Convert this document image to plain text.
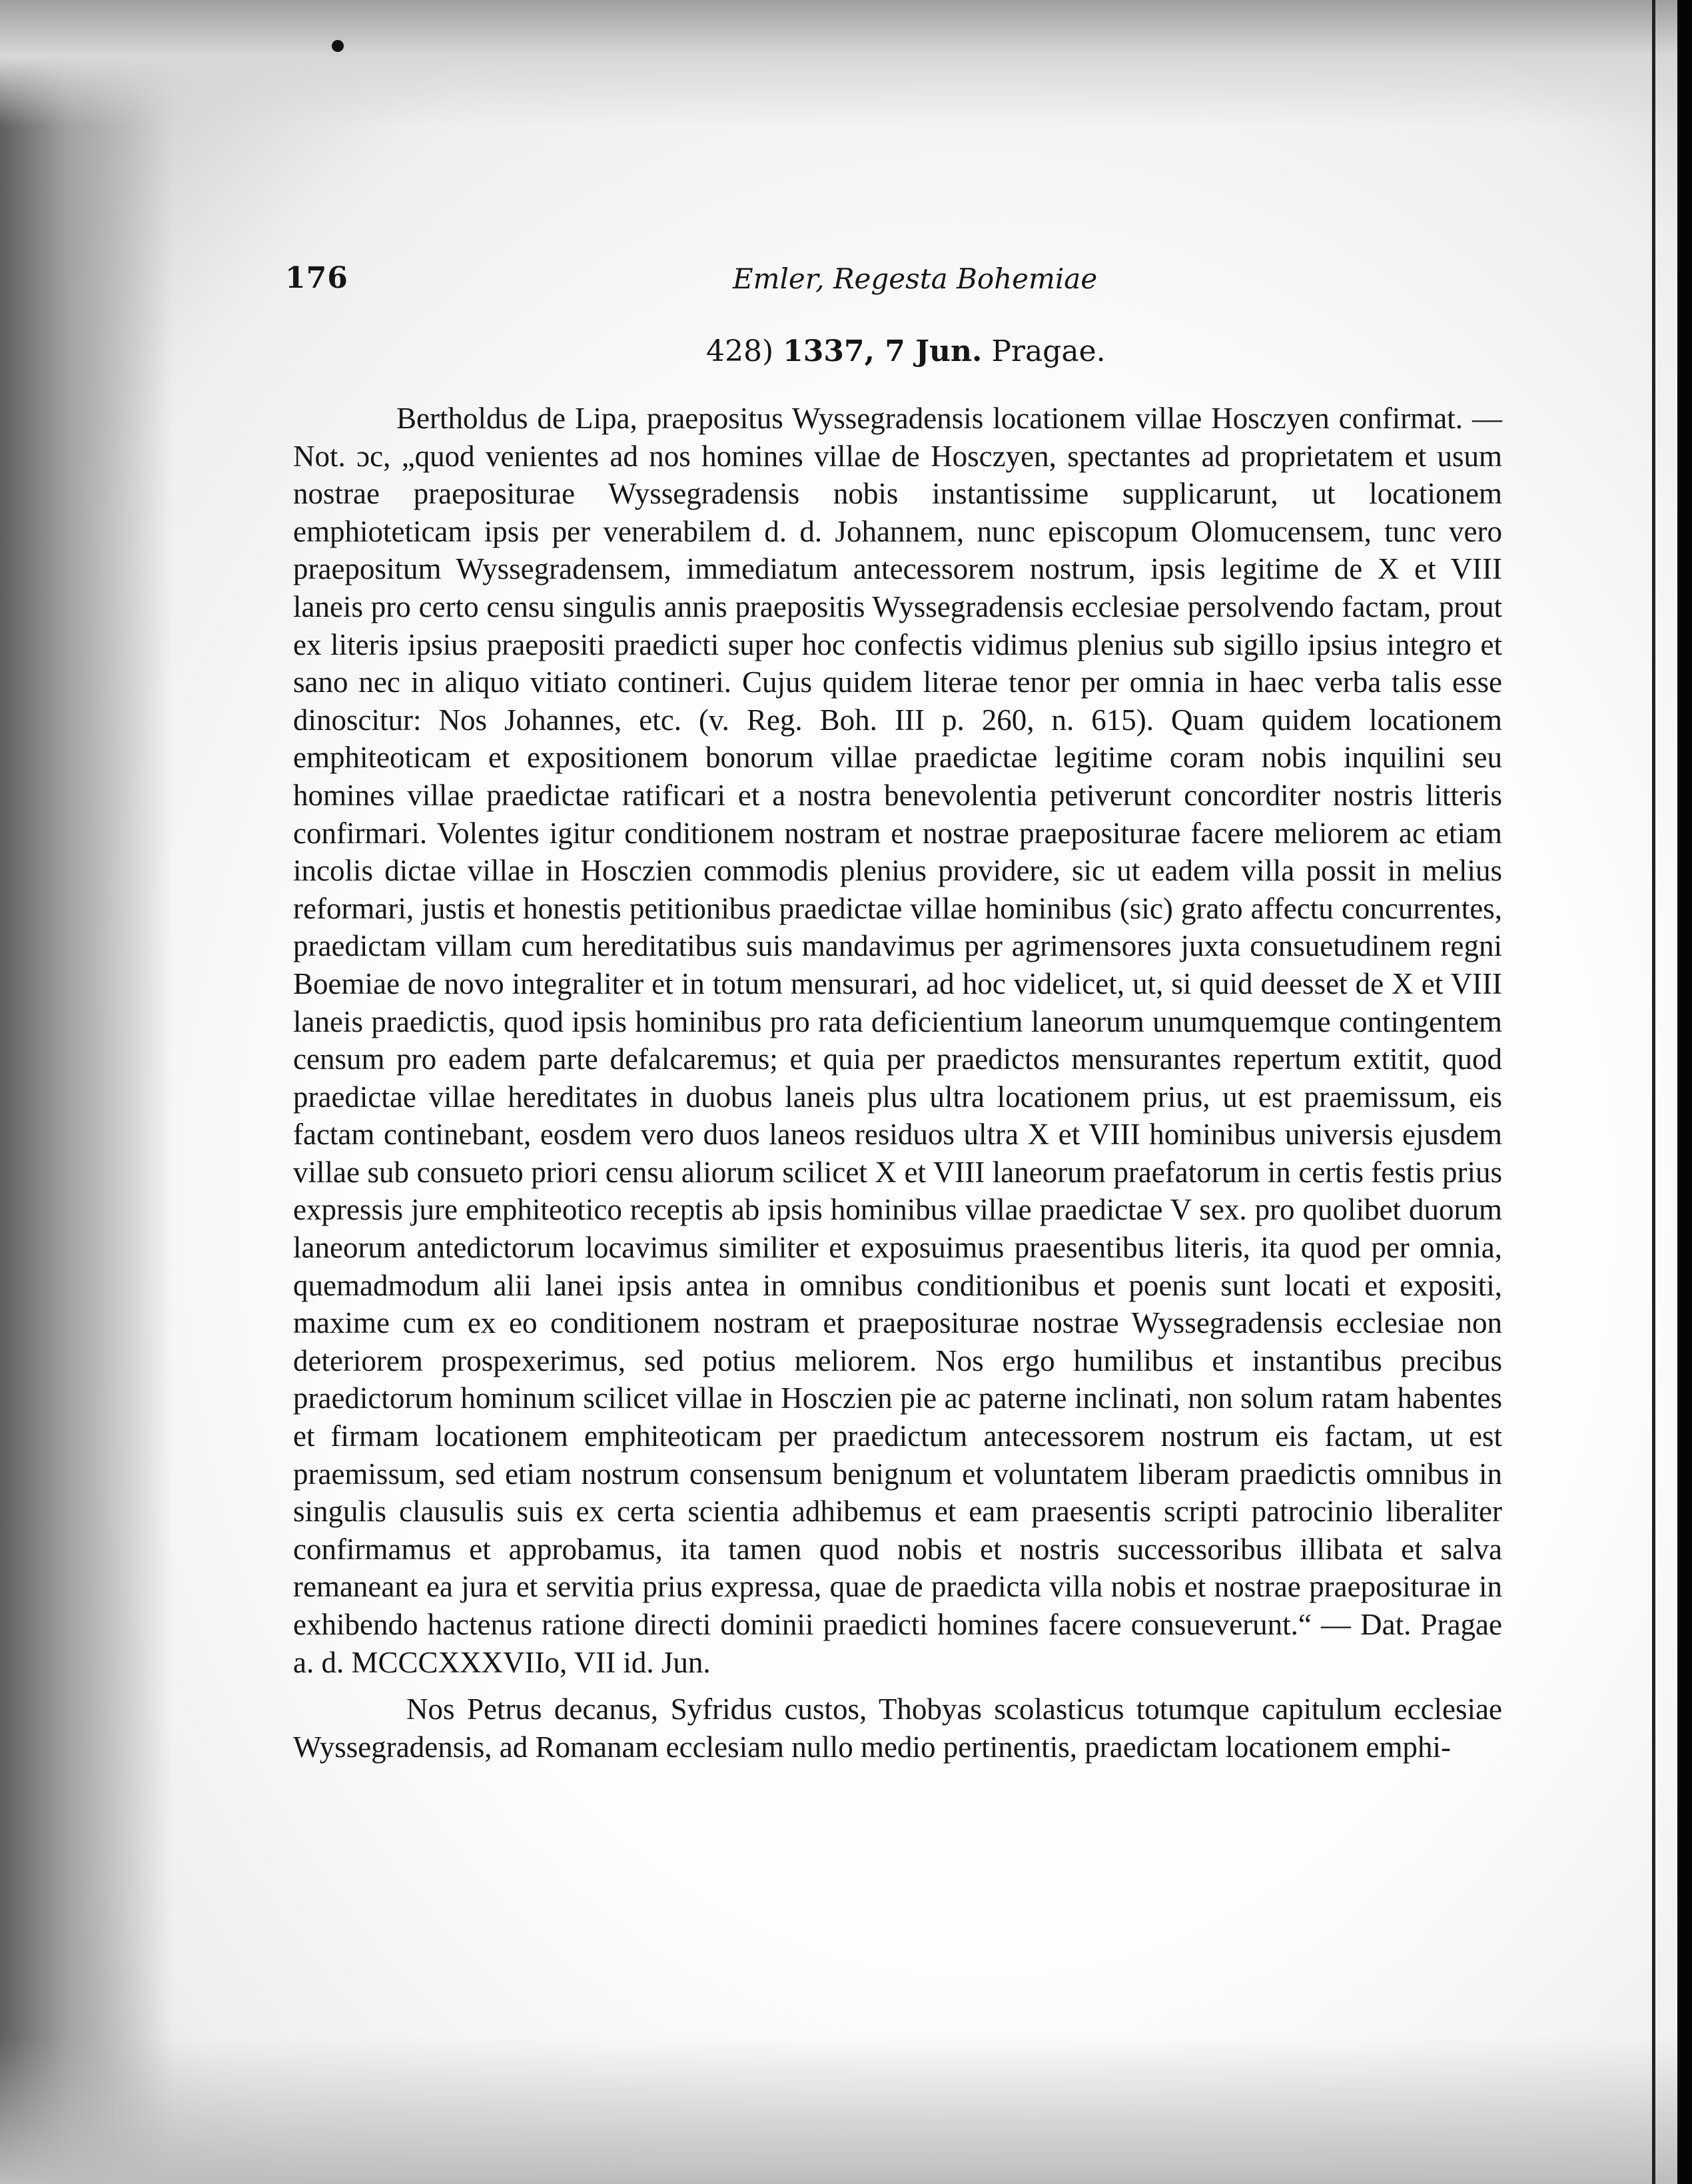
176	Emler, Regesta Bohemiae
428) 1337, 7 Jun. Pragae.

Bertholdus de Lipa, praepositus Wyssegradensis locationem villae Hosczyen confirmat. — Not. ɔc, „quod venientes ad nos homines villae de Hosczyen, spectantes ad proprietatem et usum nostrae praepositurae Wyssegradensis nobis instantissime supplicarunt, ut locationem emphioteticam ipsis per venerabilem d. d. Johannem, nunc episcopum Olomucensem, tunc vero praepositum Wyssegradensem, immediatum antecessorem nostrum, ipsis legitime de X et VIII laneis pro certo censu singulis annis praepositis Wyssegradensis ecclesiae persolvendo factam, prout ex literis ipsius praepositi praedicti super hoc confectis vidimus plenius sub sigillo ipsius integro et sano nec in aliquo vitiato contineri. Cujus quidem literae tenor per omnia in haec verba talis esse dinoscitur: Nos Johannes, etc. (v. Reg. Boh. III p. 260, n. 615). Quam quidem locationem emphiteoticam et expositionem bonorum villae praedictae legitime coram nobis inquilini seu homines villae praedictae ratificari et a nostra benevolentia petiverunt concorditer nostris litteris confirmari. Volentes igitur conditionem nostram et nostrae praepositurae facere meliorem ac etiam incolis dictae villae in Hosczien commodis plenius providere, sic ut eadem villa possit in melius reformari, justis et honestis petitionibus praedictae villae hominibus (sic) grato affectu concurrentes, praedictam villam cum hereditatibus suis mandavimus per agrimensores juxta consuetudinem regni Boemiae de novo integraliter et in totum mensurari, ad hoc videlicet, ut, si quid deesset de X et VIII laneis praedictis, quod ipsis hominibus pro rata deficientium laneorum unumquemque contingentem censum pro eadem parte defalcaremus; et quia per praedictos mensurantes repertum extitit, quod praedictae villae hereditates in duobus laneis plus ultra locationem prius, ut est praemissum, eis factam continebant, eosdem vero duos laneos residuos ultra X et VIII hominibus universis ejusdem villae sub consueto priori censu aliorum scilicet X et VIII laneorum praefatorum in certis festis prius expressis jure emphiteotico receptis ab ipsis hominibus villae praedictae V sex. pro quolibet duorum laneorum antedictorum locavimus similiter et exposuimus praesentibus literis, ita quod per omnia, quemadmodum alii lanei ipsis antea in omnibus conditionibus et poenis sunt locati et expositi, maxime cum ex eo conditionem nostram et praepositurae nostrae Wyssegradensis ecclesiae non deteriorem prospexerimus, sed potius meliorem. Nos ergo humilibus et instantibus precibus praedictorum hominum scilicet villae in Hosczien pie ac paterne inclinati, non solum ratam habentes et firmam locationem emphiteoticam per praedictum antecessorem nostrum eis factam, ut est praemissum, sed etiam nostrum consensum benignum et voluntatem liberam praedictis omnibus in singulis clausulis suis ex certa scientia adhibemus et eam praesentis scripti patrocinio liberaliter confirmamus et approbamus, ita tamen quod nobis et nostris successoribus illibata et salva remaneant ea jura et servitia prius expressa, quae de praedicta villa nobis et nostrae praepositurae in exhibendo hactenus ratione directi dominii praedicti homines facere consueverunt.“ — Dat. Pragae a. d. MCCCXXXVIIo, VII id. Jun.

Nos Petrus decanus, Syfridus custos, Thobyas scolasticus totumque capitulum ecclesiae Wyssegradensis, ad Romanam ecclesiam nullo medio pertinentis, praedictam locationem emphi-
